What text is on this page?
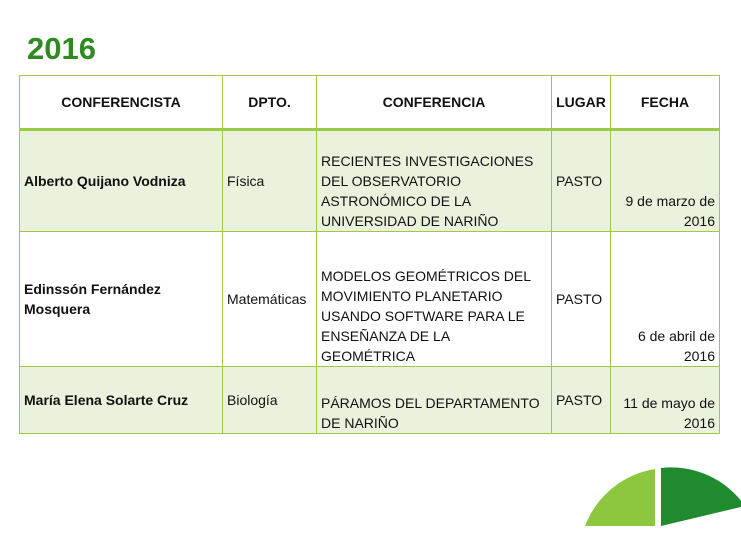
2016
CONFERENCISTA	DPTO.	CONFERENCIA	LUGAR	FECHA
Alberto Quijano Vodniza	Física	RECIENTES INVESTIGACIONES DEL OBSERVATORIO ASTRONÓMICO DE LA UNIVERSIDAD DE NARIÑO	PASTO	9 de marzo de 2016
Edinssón Fernández Mosquera	Matemáticas	MODELOS GEOMÉTRICOS DEL MOVIMIENTO PLANETARIO USANDO SOFTWARE PARA LE ENSEÑANZA DE LA GEOMÉTRICA	PASTO	6 de abril de 2016
María Elena Solarte Cruz	Biología	PÁRAMOS DEL DEPARTAMENTO DE NARIÑO	PASTO	11 de mayo de 2016
